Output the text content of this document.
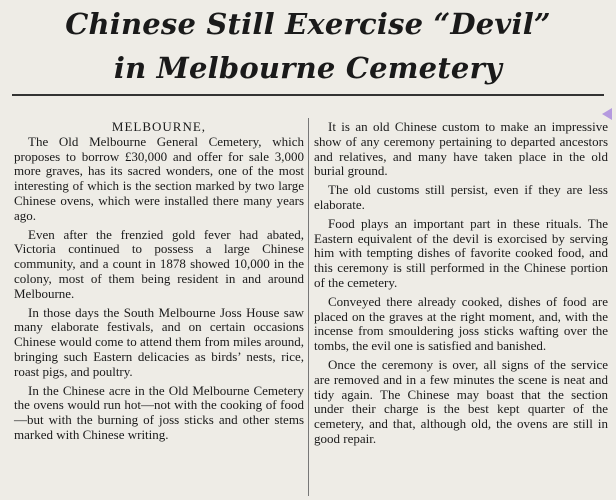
Chinese Still Exercise “Devil”
in Melbourne Cemetery

MELBOURNE,

The Old Melbourne General Cemetery, which proposes to borrow £30,000 and offer for sale 3,000 more graves, has its sacred wonders, one of the most interesting of which is the section marked by two large Chinese ovens, which were installed there many years ago.

Even after the frenzied gold fever had abated, Victoria continued to possess a large Chinese community, and a count in 1878 showed 10,000 in the colony, most of them being resident in and around Melbourne.

In those days the South Melbourne Joss House saw many elaborate festivals, and on certain occasions Chinese would come to attend them from miles around, bringing such Eastern delicacies as birds’ nests, rice, roast pigs, and poultry.

In the Chinese acre in the Old Melbourne Cemetery the ovens would run hot—not with the cooking of food—but with the burning of joss sticks and other stems marked with Chinese writing.

It is an old Chinese custom to make an impressive show of any ceremony pertaining to departed ancestors and relatives, and many have taken place in the old burial ground.

The old customs still persist, even if they are less elaborate.

Food plays an important part in these rituals. The Eastern equivalent of the devil is exorcised by serving him with tempting dishes of favorite cooked food, and this ceremony is still performed in the Chinese portion of the cemetery.

Conveyed there already cooked, dishes of food are placed on the graves at the right moment, and, with the incense from smouldering joss sticks wafting over the tombs, the evil one is satisfied and banished.

Once the ceremony is over, all signs of the service are removed and in a few minutes the scene is neat and tidy again. The Chinese may boast that the section under their charge is the best kept quarter of the cemetery, and that, although old, the ovens are still in good repair.
